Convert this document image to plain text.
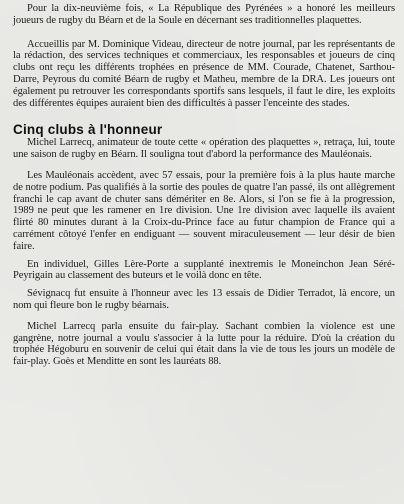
Pour la dix-neuvième fois, « La République des Pyrénées » a honoré les meilleurs joueurs de rugby du Béarn et de la Soule en décernant ses traditionnelles plaquettes.

Accueillis par M. Dominique Videau, directeur de notre journal, par les représentants de la rédaction, des services techniques et commerciaux, les responsables et joueurs de cinq clubs ont reçu les différents trophées en présence de MM. Courade, Chatenet, Sarthou-Darre, Peyrous du comité Béarn de rugby et Matheu, membre de la DRA. Les joueurs ont également pu retrouver les correspondants sportifs sans lesquels, il faut le dire, les exploits des différentes équipes auraient bien des difficultés à passer l'enceinte des stades.

Cinq clubs à l'honneur

Michel Larrecq, animateur de toute cette « opération des plaquettes », retraça, lui, toute une saison de rugby en Béarn. Il souligna tout d'abord la performance des Mauléonais.

Les Mauléonais accèdent, avec 57 essais, pour la première fois à la plus haute marche de notre podium. Pas qualifiés à la sortie des poules de quatre l'an passé, ils ont allègrement franchi le cap avant de chuter sans démériter en 8e. Alors, si l'on se fie à la progression, 1989 ne peut que les ramener en 1re division. Une 1re division avec laquelle ils avaient flirté 80 minutes durant à la Croix-du-Prince face au futur champion de France qui a carrément côtoyé l'enfer en endiguant — souvent miraculeusement — leur désir de bien faire.

En individuel, Gilles Lère-Porte a supplanté inextremis le Moneinchon Jean Séré-Peyrigain au classement des buteurs et le voilà donc en tête.

Sévignacq fut ensuite à l'honneur avec les 13 essais de Didier Terradot, là encore, un nom qui fleure bon le rugby béarnais.

Michel Larrecq parla ensuite du fair-play. Sachant combien la violence est une gangrène, notre journal a voulu s'associer à la lutte pour la réduire. D'où la création du trophée Hégoburu en souvenir de celui qui était dans la vie de tous les jours un modèle de fair-play. Goès et Menditte en sont les lauréats 88.
